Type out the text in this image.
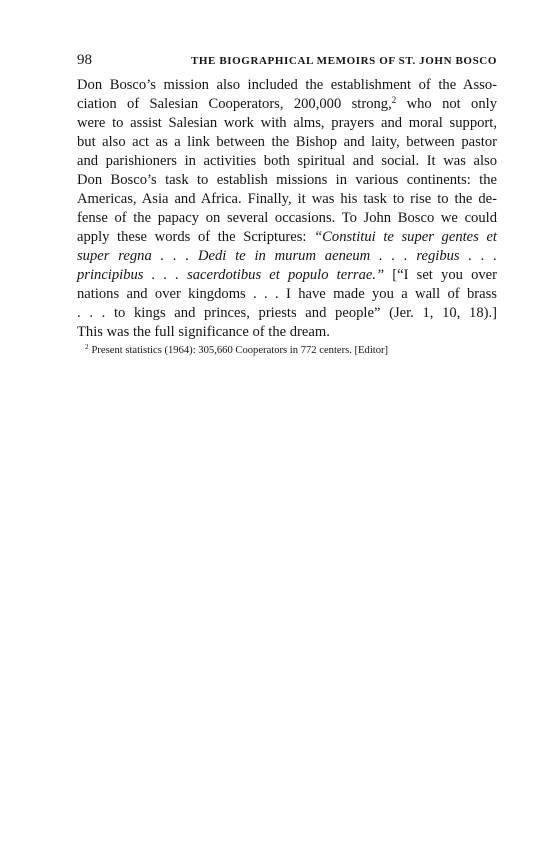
98	THE BIOGRAPHICAL MEMOIRS OF ST. JOHN BOSCO
Don Bosco’s mission also included the establishment of the Asso-
ciation of Salesian Cooperators, 200,000 strong,$^2$ who not only
were to assist Salesian work with alms, prayers and moral support,
but also act as a link between the Bishop and laity, between pastor
and parishioners in activities both spiritual and social. It was also
Don Bosco’s task to establish missions in various continents: the
Americas, Asia and Africa. Finally, it was his task to rise to the de-
fense of the papacy on several occasions. To John Bosco we could
apply these words of the Scriptures: “Constitui te super gentes et
super regna . . . Dedi te in murum aeneum . . . regibus . . .
principibus . . . sacerdotibus et populo terrae.” [“I set you over
nations and over kingdoms . . . I have made you a wall of brass
. . . to kings and princes, priests and people” (Jer. 1, 10, 18).]
This was the full significance of the dream.
$^2$ Present statistics (1964): 305,660 Cooperators in 772 centers. [Editor]
